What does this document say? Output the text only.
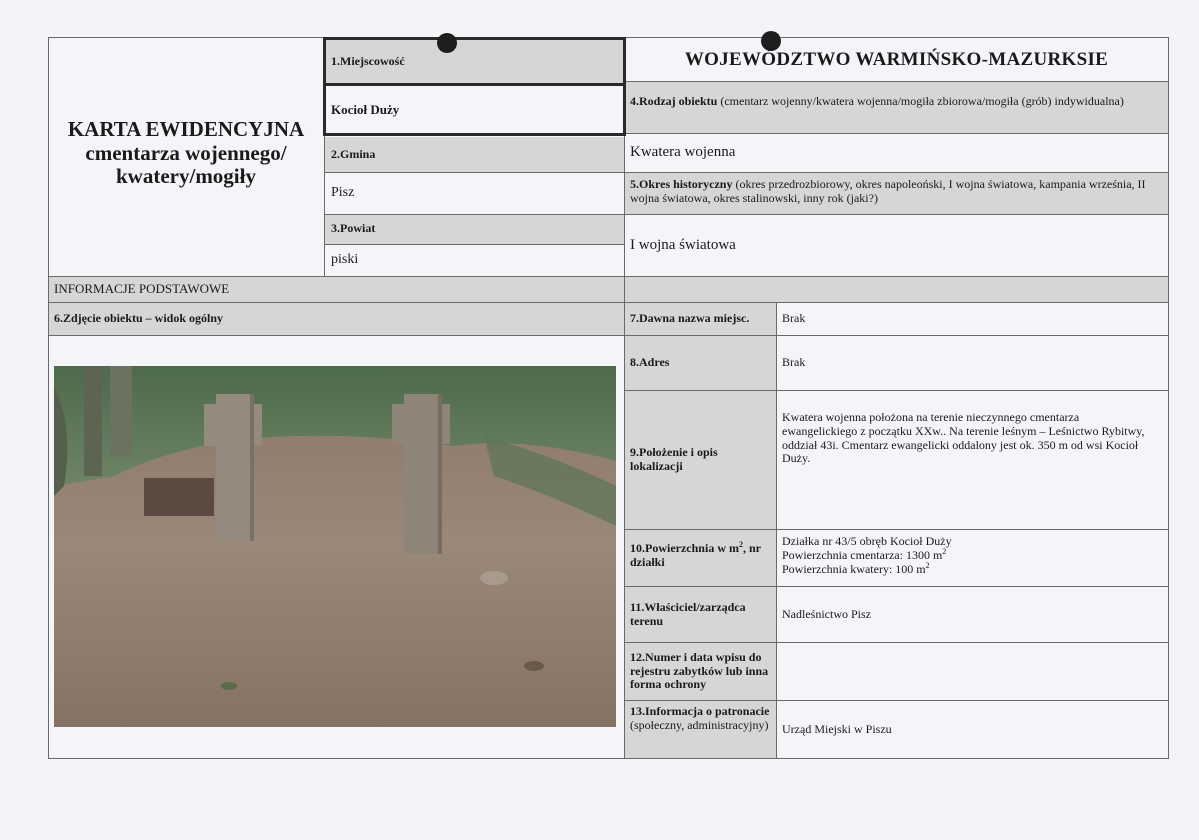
KARTA EWIDENCYJNA
cmentarza wojennego/
kwatery/mogiły
1.Miejscowość
Kocioł Duży
2.Gmina
Pisz
3.Powiat
piski
WOJEWÓDZTWO WARMIŃSKO-MAZURKSIE
4.Rodzaj obiektu (cmentarz wojenny/kwatera wojenna/mogiła zbiorowa/mogiła (grób) indywidualna)
Kwatera wojenna
5.Okres historyczny (okres przedrozbiorowy, okres napoleoński, I wojna światowa, kampania września, II wojna światowa, okres stalinowski, inny rok (jaki?)
I wojna światowa
INFORMACJE PODSTAWOWE
6.Zdjęcie obiektu – widok ogólny	7.Dawna nazwa miejsc.	Brak
8.Adres	Brak
9.Położenie i opis lokalizacji
Kwatera wojenna położona na terenie nieczynnego cmentarza ewangelickiego z początku XXw.. Na terenie leśnym – Leśnictwo Rybitwy, oddział 43i. Cmentarz ewangelicki oddalony jest ok. 350 m od wsi Kocioł Duży.
10.Powierzchnia w $m^2$, nr działki
Działka nr 43/5 obręb Kocioł Duży
Powierzchnia cmentarza: 1300 $m^2$
Powierzchnia kwatery: 100 $m^2$
11.Właściciel/zarządca terenu	Nadleśnictwo Pisz
12.Numer i data wpisu do rejestru zabytków lub inna forma ochrony
13.Informacja o patronacie (społeczny, administracyjny)	Urząd Miejski w Piszu
